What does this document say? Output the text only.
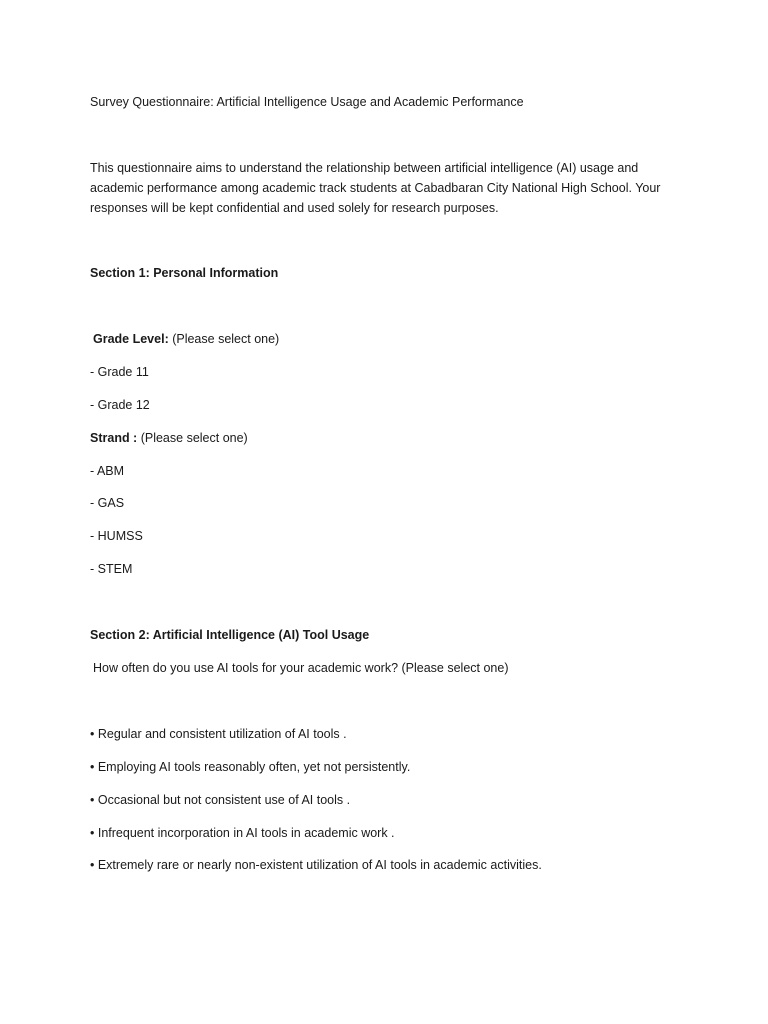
Survey Questionnaire: Artificial Intelligence Usage and Academic Performance

This questionnaire aims to understand the relationship between artificial intelligence (AI) usage and

academic performance among academic track students at Cabadbaran City National High School. Your

responses will be kept confidential and used solely for research purposes.

Section 1: Personal Information
Grade Level: (Please select one)
- Grade 11
- Grade 12
Strand : (Please select one)
- ABM
- GAS
- HUMSS
- STEM
Section 2: Artificial Intelligence (AI) Tool Usage
How often do you use AI tools for your academic work? (Please select one)
• Regular and consistent utilization of AI tools .
• Employing AI tools reasonably often, yet not persistently.
• Occasional but not consistent use of AI tools .
• Infrequent incorporation in AI tools in academic work .
• Extremely rare or nearly non-existent utilization of AI tools in academic activities.
